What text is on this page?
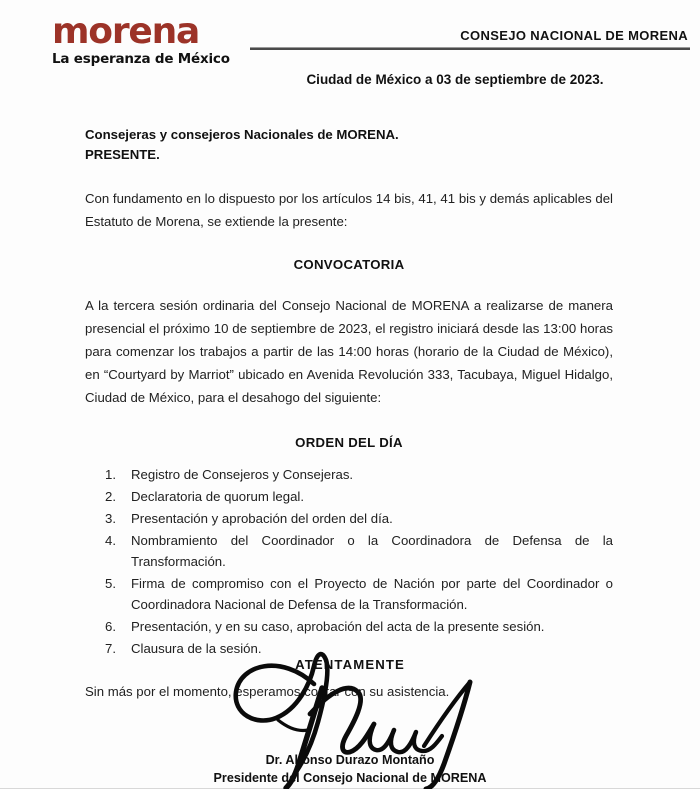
morena
La esperanza de México
CONSEJO NACIONAL DE MORENA
Ciudad de México a 03 de septiembre de 2023.
Consejeras y consejeros Nacionales de MORENA.
PRESENTE.

Con fundamento en lo dispuesto por los artículos 14 bis, 41, 41 bis y demás aplicables del Estatuto de Morena, se extiende la presente:

CONVOCATORIA

A la tercera sesión ordinaria del Consejo Nacional de MORENA a realizarse de manera presencial el próximo 10 de septiembre de 2023, el registro iniciará desde las 13:00 horas para comenzar los trabajos a partir de las 14:00 horas (horario de la Ciudad de México), en “Courtyard by Marriot” ubicado en Avenida Revolución 333, Tacubaya, Miguel Hidalgo, Ciudad de México, para el desahogo del siguiente:

ORDEN DEL DÍA
Registro de Consejeros y Consejeras.
Declaratoria de quorum legal.
Presentación y aprobación del orden del día.
Nombramiento del Coordinador o la Coordinadora de Defensa de la Transformación.
Firma de compromiso con el Proyecto de Nación por parte del Coordinador o Coordinadora Nacional de Defensa de la Transformación.
Presentación, y en su caso, aprobación del acta de la presente sesión.
Clausura de la sesión.

Sin más por el momento, esperamos contar con su asistencia.

ATENTAMENTE
Dr. Alfonso Durazo Montaño
Presidente del Consejo Nacional de MORENA
